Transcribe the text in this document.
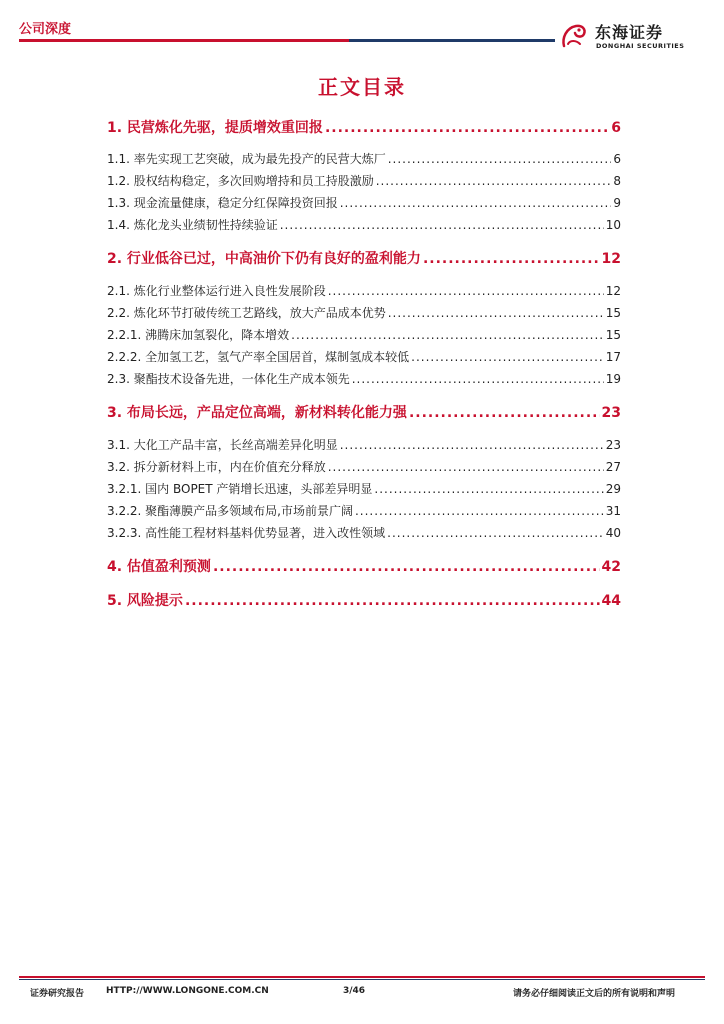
公司深度	东海证券
DONGHAI SECURITIES
正文目录
1. 民营炼化先驱，提质增效重回报 .....	6
1.1. 率先实现工艺突破，成为最先投产的民营大炼厂 .....	6
1.2. 股权结构稳定，多次回购增持和员工持股激励 .....	8
1.3. 现金流量健康，稳定分红保障投资回报 .....	9
1.4. 炼化龙头业绩韧性持续验证 .....	10
2. 行业低谷已过，中高油价下仍有良好的盈利能力 .....	12
2.1. 炼化行业整体运行进入良性发展阶段 .....	12
2.2. 炼化环节打破传统工艺路线，放大产品成本优势 .....	15
2.2.1. 沸腾床加氢裂化，降本增效 .....	15
2.2.2. 全加氢工艺，氢气产率全国居首，煤制氢成本较低 .....	17
2.3. 聚酯技术设备先进，一体化生产成本领先 .....	19
3. 布局长远，产品定位高端，新材料转化能力强 .....	23
3.1. 大化工产品丰富，长丝高端差异化明显 .....	23
3.2. 拆分新材料上市，内在价值充分释放 .....	27
3.2.1. 国内 BOPET 产销增长迅速，头部差异明显 .....	29
3.2.2. 聚酯薄膜产品多领域布局,市场前景广阔 .....	31
3.2.3. 高性能工程材料基料优势显著，进入改性领域 .....	40
4. 估值盈利预测 .....	42
5. 风险提示 .....	44
证券研究报告 HTTP://WWW.LONGONE.COM.CN	3/46	请务必仔细阅读正文后的所有说明和声明
